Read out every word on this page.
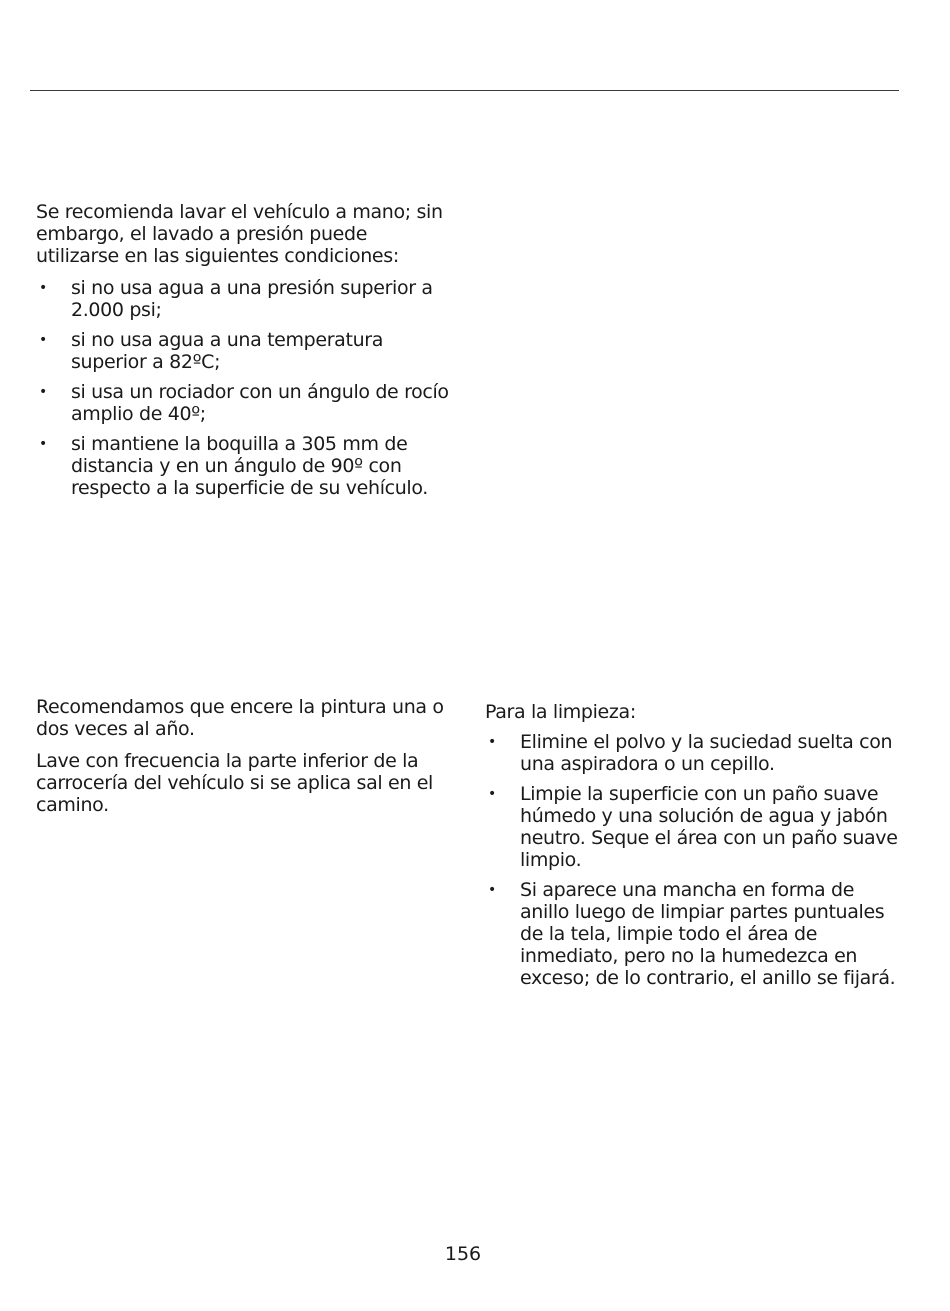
Se recomienda lavar el vehículo a mano; sin embargo, el lavado a presión puede utilizarse en las siguientes condiciones:

• si no usa agua a una presión superior a 2.000 psi;
• si no usa agua a una temperatura superior a 82ºC;
• si usa un rociador con un ángulo de rocío amplio de 40º;
• si mantiene la boquilla a 305 mm de distancia y en un ángulo de 90º con respecto a la superficie de su vehículo.

Recomendamos que encere la pintura una o dos veces al año.

Lave con frecuencia la parte inferior de la carrocería del vehículo si se aplica sal en el camino.

Para la limpieza:

• Elimine el polvo y la suciedad suelta con una aspiradora o un cepillo.
• Limpie la superficie con un paño suave húmedo y una solución de agua y jabón neutro. Seque el área con un paño suave limpio.
• Si aparece una mancha en forma de anillo luego de limpiar partes puntuales de la tela, limpie todo el área de inmediato, pero no la humedezca en exceso; de lo contrario, el anillo se fijará.
156
